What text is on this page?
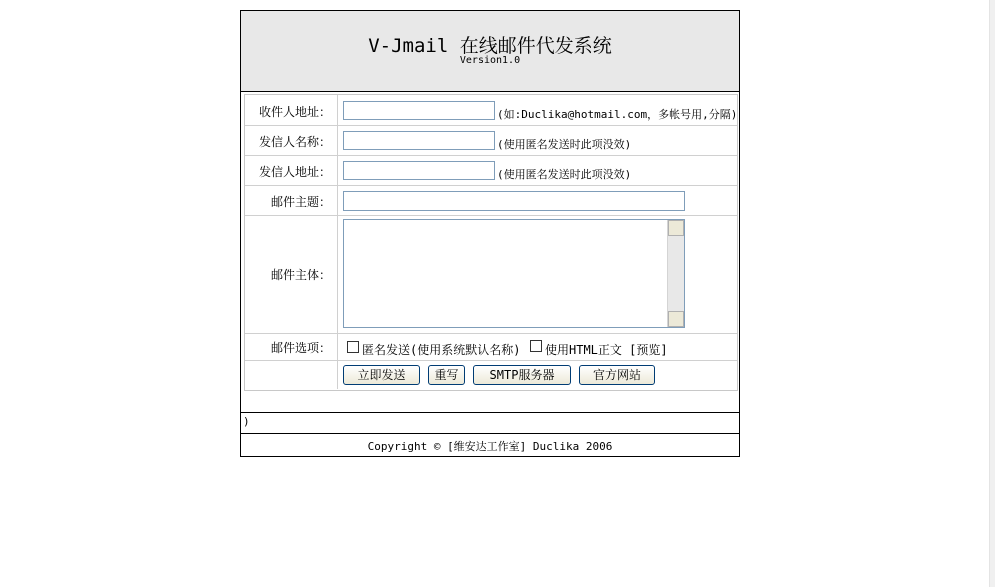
V-Jmail 在线邮件代发系统
Version1.0
收件人地址：	(如:Duclika@hotmail.com，多帐号用,分隔)
发信人名称：	(使用匿名发送时此项没效)
发信人地址：	(使用匿名发送时此项没效)
邮件主题：
邮件主体：
邮件选项：	匿名发送(使用系统默认名称) 使用HTML正文 [预览]
立即发送	重写	SMTP服务器	官方网站
)
Copyright © [维安达工作室] Duclika 2006
